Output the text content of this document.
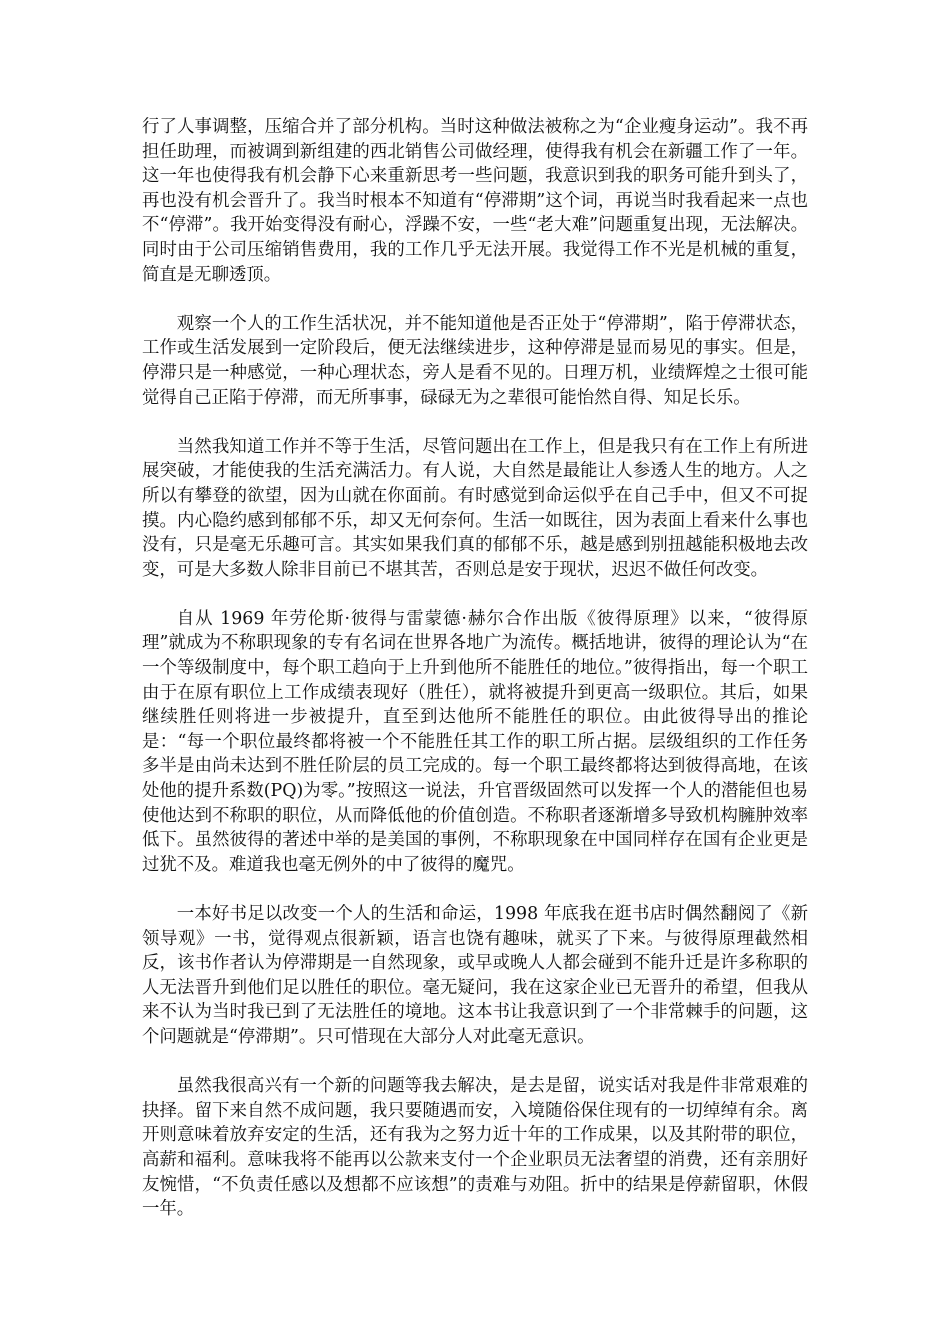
行了人事调整，压缩合并了部分机构。当时这种做法被称之为“企业瘦身运动”。我不再担任助理，而被调到新组建的西北销售公司做经理，使得我有机会在新疆工作了一年。这一年也使得我有机会静下心来重新思考一些问题，我意识到我的职务可能升到头了，再也没有机会晋升了。我当时根本不知道有“停滞期”这个词，再说当时我看起来一点也不“停滞”。我开始变得没有耐心，浮躁不安，一些“老大难”问题重复出现，无法解决。同时由于公司压缩销售费用，我的工作几乎无法开展。我觉得工作不光是机械的重复，简直是无聊透顶。

观察一个人的工作生活状况，并不能知道他是否正处于“停滞期”，陷于停滞状态，工作或生活发展到一定阶段后，便无法继续进步，这种停滞是显而易见的事实。但是，停滞只是一种感觉，一种心理状态，旁人是看不见的。日理万机，业绩辉煌之士很可能觉得自己正陷于停滞，而无所事事，碌碌无为之辈很可能怡然自得、知足长乐。

当然我知道工作并不等于生活，尽管问题出在工作上，但是我只有在工作上有所进展突破，才能使我的生活充满活力。有人说，大自然是最能让人参透人生的地方。人之所以有攀登的欲望，因为山就在你面前。有时感觉到命运似乎在自己手中，但又不可捉摸。内心隐约感到郁郁不乐，却又无何奈何。生活一如既往，因为表面上看来什么事也没有，只是毫无乐趣可言。其实如果我们真的郁郁不乐，越是感到别扭越能积极地去改变，可是大多数人除非目前已不堪其苦，否则总是安于现状，迟迟不做任何改变。

自从 1969 年劳伦斯·彼得与雷蒙德·赫尔合作出版《彼得原理》以来，“彼得原理”就成为不称职现象的专有名词在世界各地广为流传。概括地讲，彼得的理论认为“在一个等级制度中，每个职工趋向于上升到他所不能胜任的地位。”彼得指出，每一个职工由于在原有职位上工作成绩表现好（胜任），就将被提升到更高一级职位。其后，如果继续胜任则将进一步被提升，直至到达他所不能胜任的职位。由此彼得导出的推论是：“每一个职位最终都将被一个不能胜任其工作的职工所占据。层级组织的工作任务多半是由尚未达到不胜任阶层的员工完成的。每一个职工最终都将达到彼得高地，在该处他的提升系数(PQ)为零。”按照这一说法，升官晋级固然可以发挥一个人的潜能但也易使他达到不称职的职位，从而降低他的价值创造。不称职者逐渐增多导致机构臃肿效率低下。虽然彼得的著述中举的是美国的事例，不称职现象在中国同样存在国有企业更是过犹不及。难道我也毫无例外的中了彼得的魔咒。

一本好书足以改变一个人的生活和命运，1998 年底我在逛书店时偶然翻阅了《新领导观》一书，觉得观点很新颖，语言也饶有趣味，就买了下来。与彼得原理截然相反，该书作者认为停滞期是一自然现象，或早或晚人人都会碰到不能升迁是许多称职的人无法晋升到他们足以胜任的职位。毫无疑问，我在这家企业已无晋升的希望，但我从来不认为当时我已到了无法胜任的境地。这本书让我意识到了一个非常棘手的问题，这个问题就是“停滞期”。只可惜现在大部分人对此毫无意识。

虽然我很高兴有一个新的问题等我去解决，是去是留，说实话对我是件非常艰难的抉择。留下来自然不成问题，我只要随遇而安，入境随俗保住现有的一切绰绰有余。离开则意味着放弃安定的生活，还有我为之努力近十年的工作成果，以及其附带的职位，高薪和福利。意味我将不能再以公款来支付一个企业职员无法奢望的消费，还有亲朋好友惋惜，“不负责任感以及想都不应该想”的责难与劝阻。折中的结果是停薪留职，休假一年。
